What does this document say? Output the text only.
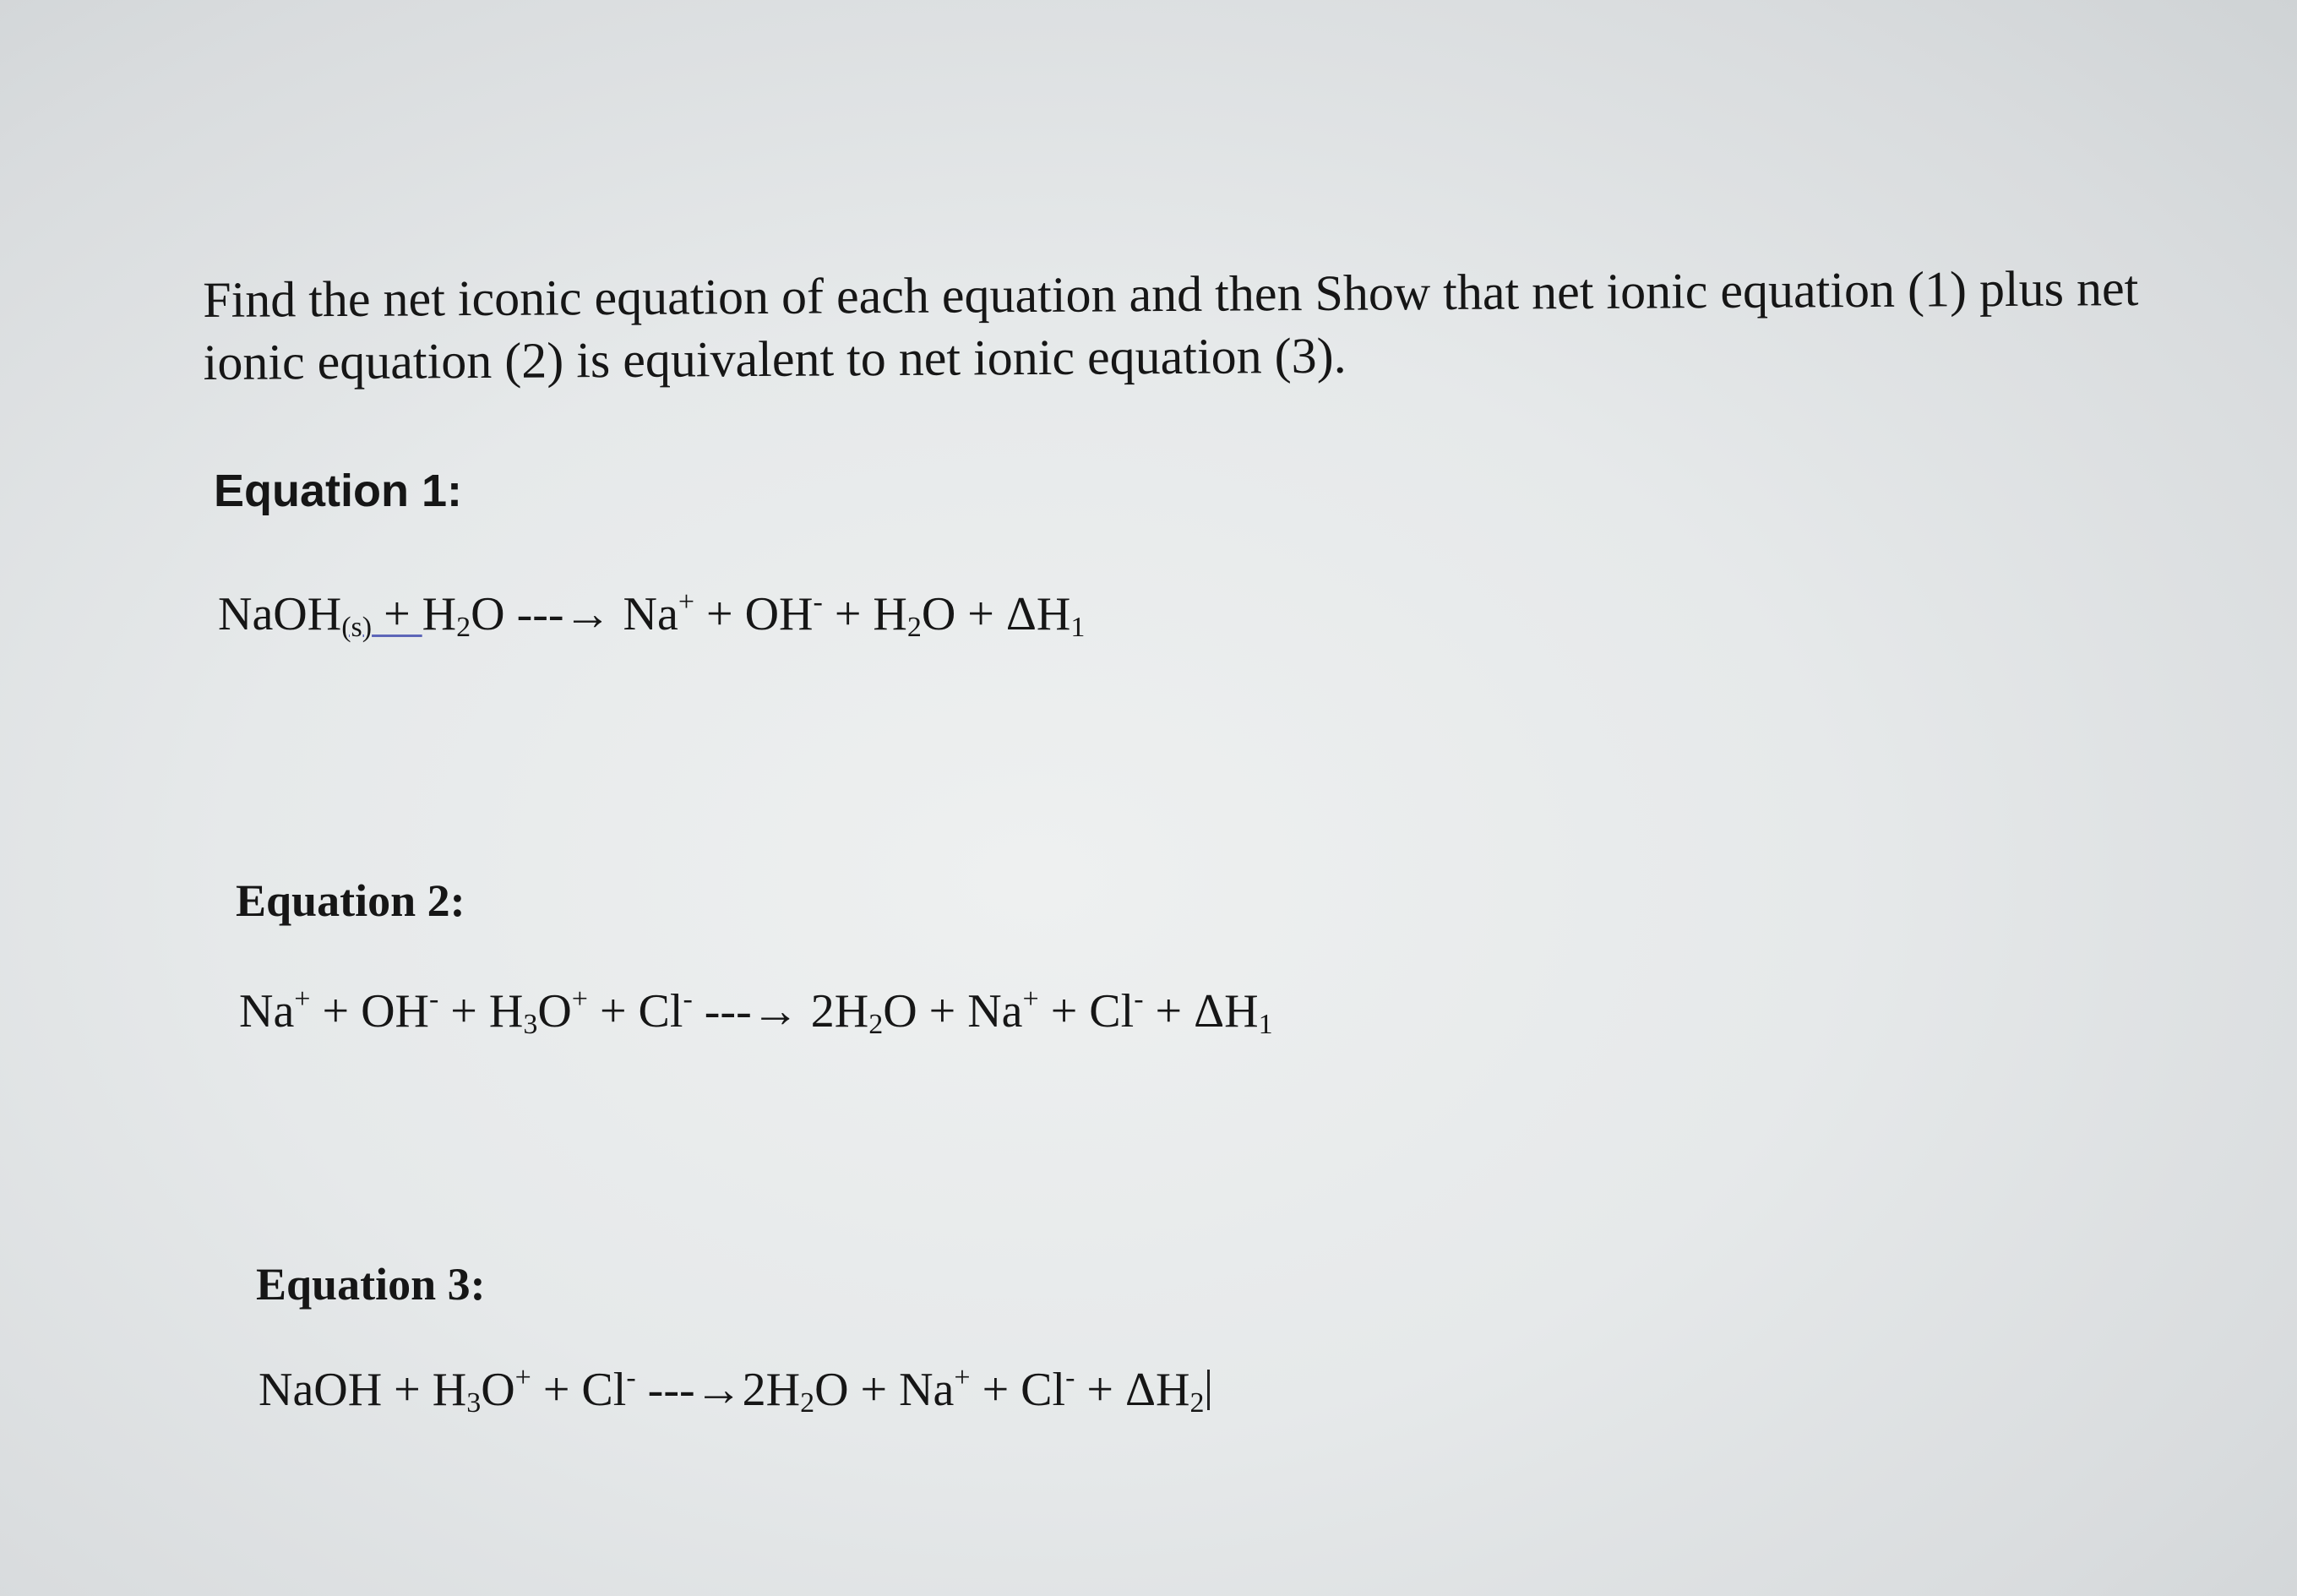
Find the net iconic equation of each equation and then Show that net ionic equation (1) plus net ionic equation (2) is equivalent to net ionic equation (3).
Equation 1:
NaOH$_{(s)}$ + $H_2O$ ---→ $Na^+ + OH^- + H_2O + \Delta H_1$
Equation 2:
$Na^+ + OH^- + H_3O^+ + Cl^-$ ---→ $2H_2O + Na^+ + Cl^- + \Delta H_1$
Equation 3:
NaOH + $H_3O^+ + Cl^-$ $---\to 2H_2O + Na^+ + Cl^- + \Delta H_2$
